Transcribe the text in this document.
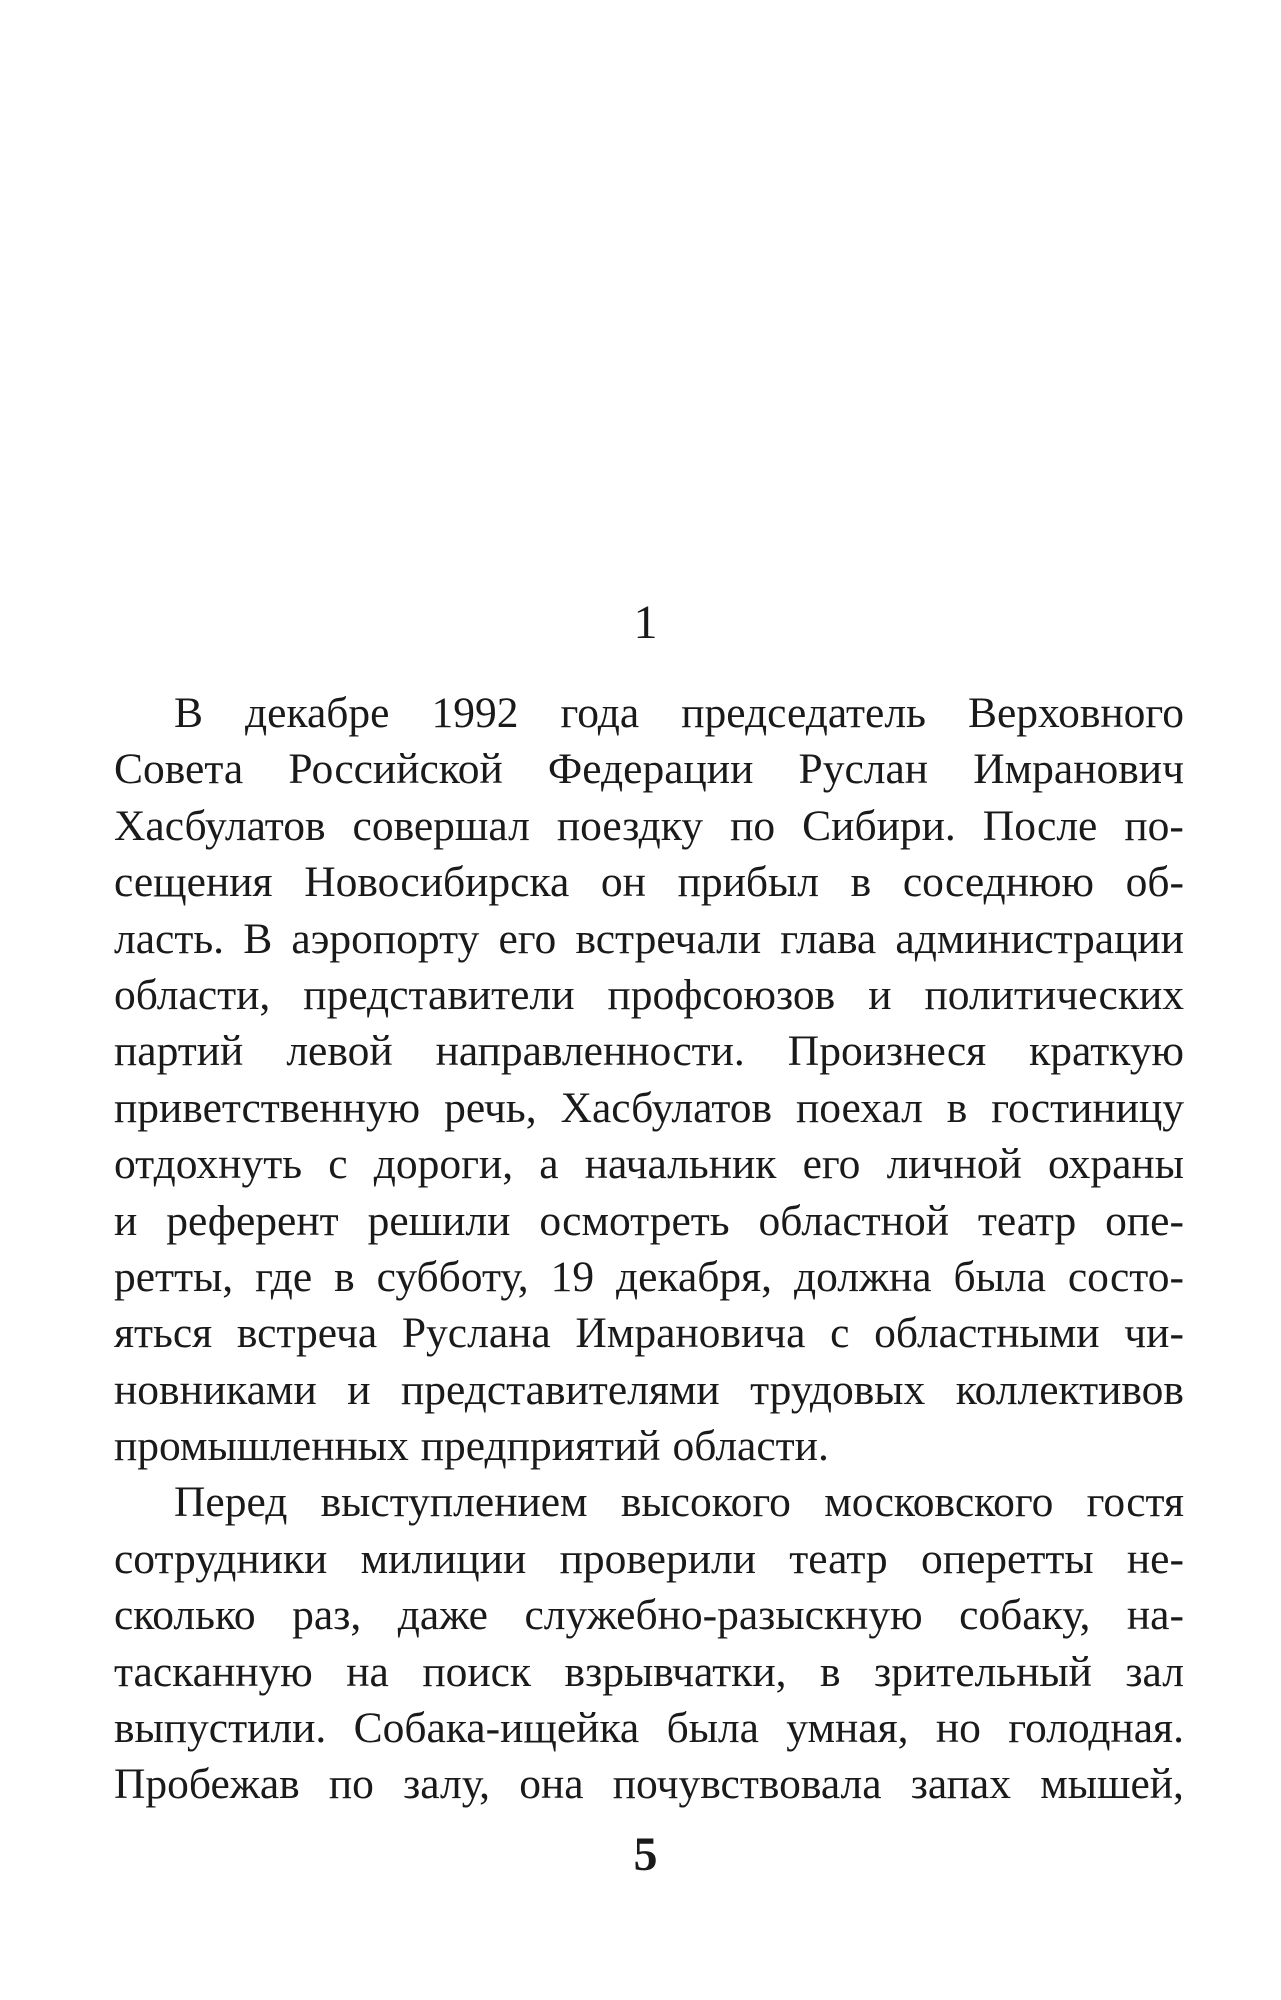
1
В декабре 1992 года председатель Верховного
Совета Российской Федерации Руслан Имранович
Хасбулатов совершал поездку по Сибири. После по-
сещения Новосибирска он прибыл в соседнюю об-
ласть. В аэропорту его встречали глава администрации
области, представители профсоюзов и политических
партий левой направленности. Произнеся краткую
приветственную речь, Хасбулатов поехал в гостиницу
отдохнуть с дороги, а начальник его личной охраны
и референт решили осмотреть областной театр опе-
ретты, где в субботу, 19 декабря, должна была состо-
яться встреча Руслана Имрановича с областными чи-
новниками и представителями трудовых коллективов
промышленных предприятий области.
Перед выступлением высокого московского гостя
сотрудники милиции проверили театр оперетты не-
сколько раз, даже служебно-разыскную собаку, на-
тасканную на поиск взрывчатки, в зрительный зал
выпустили. Собака-ищейка была умная, но голодная.
Пробежав по залу, она почувствовала запах мышей,
5
